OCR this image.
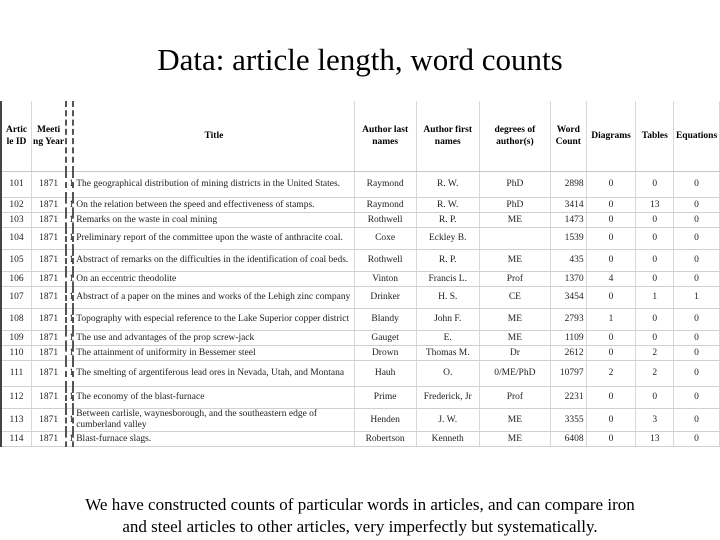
Data: article length, word counts
Artic le ID	Meeti ng Year		Title	Author last names	Author first names	degrees of author(s)	Word Count	Diagrams	Tables	Equations
101	1871	1	The geographical distribution of mining districts in the United States.	Raymond	R. W.	PhD	2898	0	0	0
102	1871	1	On the relation between the speed and effectiveness of stamps.	Raymond	R. W.	PhD	3414	0	13	0
103	1871	1	Remarks on the waste in coal mining	Rothwell	R. P.	ME	1473	0	0	0
104	1871	1	Preliminary report of the committee upon the waste of anthracite coal.	Coxe	Eckley B.		1539	0	0	0
105	1871	1	Abstract of remarks on the difficulties in the identification of coal beds.	Rothwell	R. P.	ME	435	0	0	0
106	1871	1	On an eccentric theodolite	Vinton	Francis L.	Prof	1370	4	0	0
107	1871	1	Abstract of a paper on the mines and works of the Lehigh zinc company	Drinker	H. S.	CE	3454	0	1	1
108	1871	1	Topography with especial reference to the Lake Superior copper district	Blandy	John F.	ME	2793	1	0	0
109	1871	1	The use and advantages of the prop screw-jack	Gauget	E.	ME	1109	0	0	0
110	1871	1	The attainment of uniformity in Bessemer steel	Drown	Thomas M.	Dr	2612	0	2	0
111	1871	1	The smelting of argentiferous lead ores in Nevada, Utah, and Montana	Hauh	O.	0/ME/PhD	10797	2	2	0
112	1871	1	The economy of the blast-furnace	Prime	Frederick, Jr	Prof	2231	0	0	0
113	1871	1	Between carlisle, waynesborough, and the southeastern edge of cumberland valley	Henden	J. W.	ME	3355	0	3	0
114	1871	1	Blast-furnace slags.	Robertson	Kenneth	ME	6408	0	13	0
We have constructed counts of particular words in articles, and can compare iron
and steel articles to other articles, very imperfectly but systematically.
